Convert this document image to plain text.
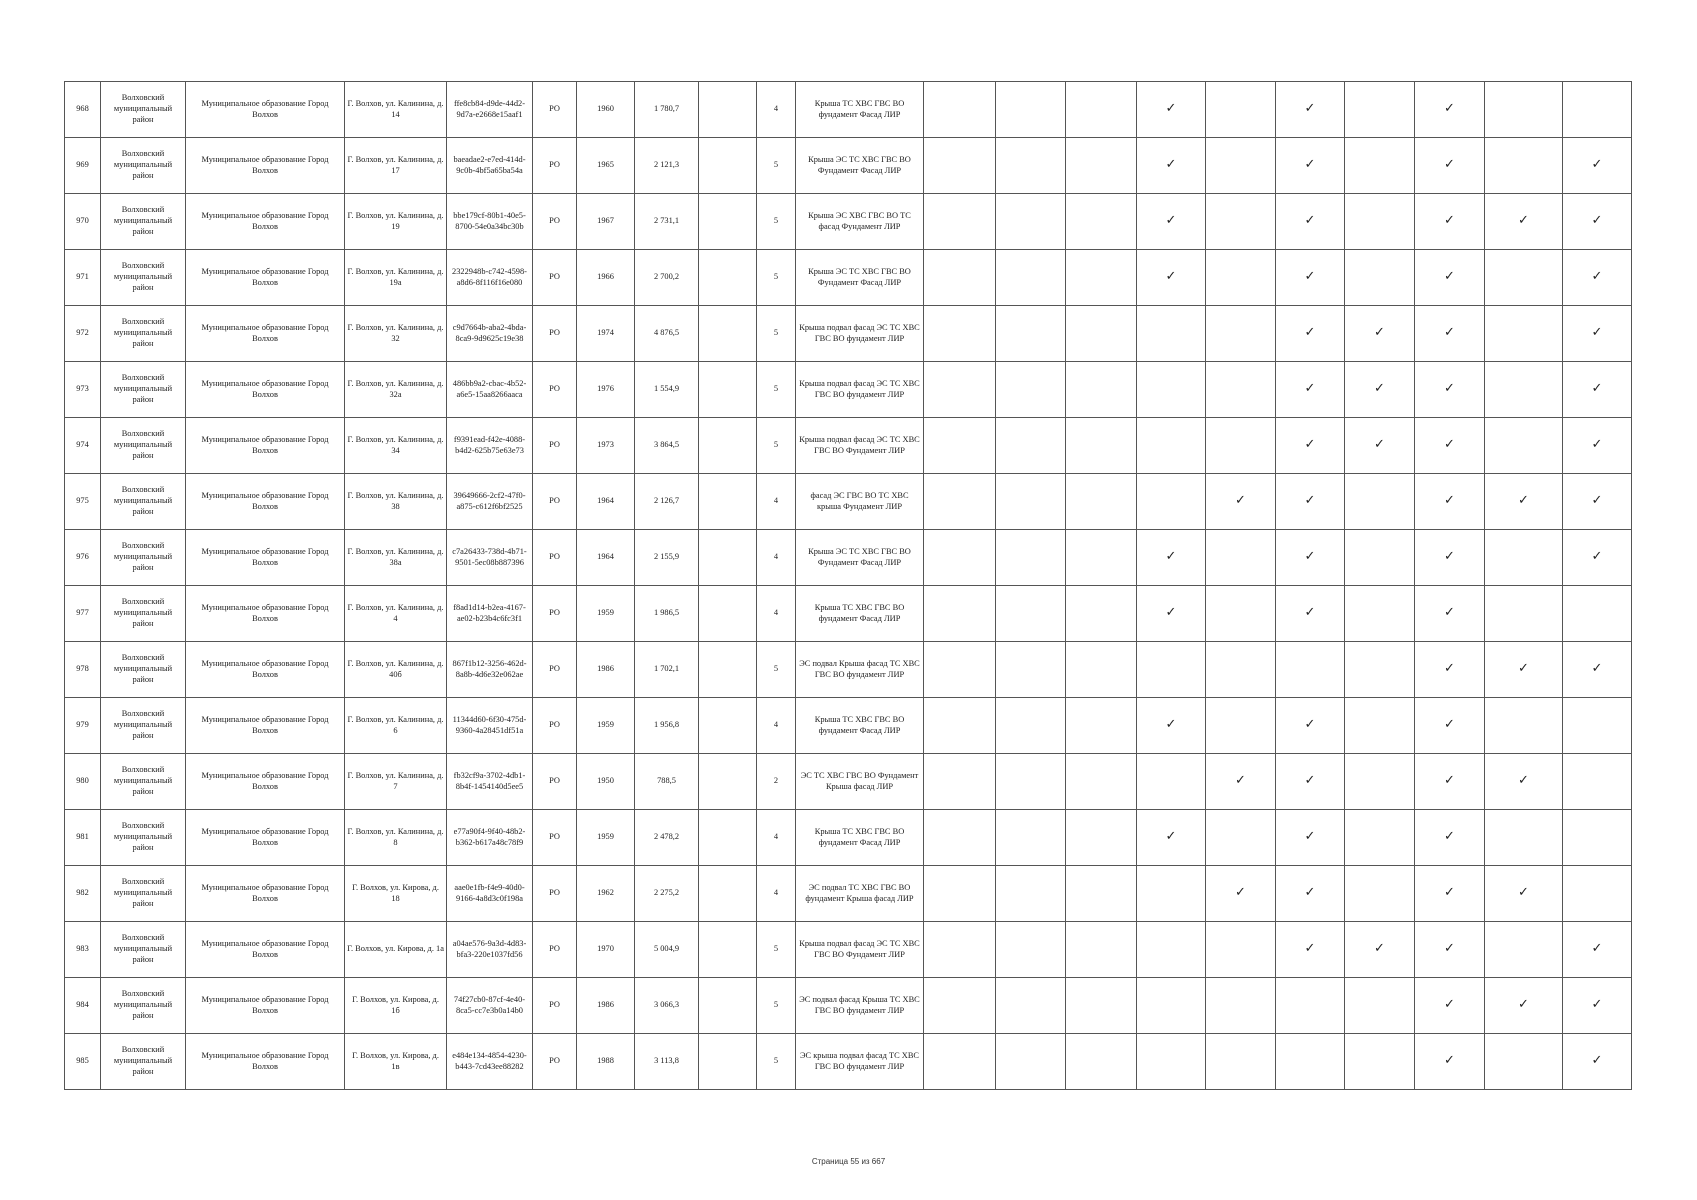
968	Волховский муниципальный район	Муниципальное образование Город Волхов	Г. Волхов, ул. Калинина, д. 14	ffe8cb84-d9de-44d2-9d7a-e2668e15aaf1	РО	1960	1 780,7		4	Крыша ТС ХВС ГВС ВО фундамент Фасад ЛИР				✓		✓		✓		
969	Волховский муниципальный район	Муниципальное образование Город Волхов	Г. Волхов, ул. Калинина, д. 17	baeadae2-e7ed-414d-9c0b-4bf5a65ba54a	РО	1965	2 121,3		5	Крыша ЭС ТС ХВС ГВС ВО Фундамент Фасад ЛИР				✓		✓		✓		✓
970	Волховский муниципальный район	Муниципальное образование Город Волхов	Г. Волхов, ул. Калинина, д. 19	bbe179cf-80b1-40e5-8700-54e0a34bc30b	РО	1967	2 731,1		5	Крыша ЭС ХВС ГВС ВО ТС фасад Фундамент ЛИР				✓		✓		✓	✓	✓
971	Волховский муниципальный район	Муниципальное образование Город Волхов	Г. Волхов, ул. Калинина, д. 19а	2322948b-c742-4598-a8d6-8f116f16e080	РО	1966	2 700,2		5	Крыша ЭС ТС ХВС ГВС ВО Фундамент Фасад ЛИР				✓		✓		✓		✓
972	Волховский муниципальный район	Муниципальное образование Город Волхов	Г. Волхов, ул. Калинина, д. 32	c9d7664b-aba2-4bda-8ca9-9d9625c19e38	РО	1974	4 876,5		5	Крыша подвал фасад ЭС ТС ХВС ГВС ВО фундамент ЛИР						✓	✓	✓		✓
973	Волховский муниципальный район	Муниципальное образование Город Волхов	Г. Волхов, ул. Калинина, д. 32а	486bb9a2-cbac-4b52-a6e5-15aa8266aaca	РО	1976	1 554,9		5	Крыша подвал фасад ЭС ТС ХВС ГВС ВО фундамент ЛИР						✓	✓	✓		✓
974	Волховский муниципальный район	Муниципальное образование Город Волхов	Г. Волхов, ул. Калинина, д. 34	f9391ead-f42e-4088-b4d2-625b75e63e73	РО	1973	3 864,5		5	Крыша подвал фасад ЭС ТС ХВС ГВС ВО Фундамент ЛИР						✓	✓	✓		✓
975	Волховский муниципальный район	Муниципальное образование Город Волхов	Г. Волхов, ул. Калинина, д. 38	39649666-2cf2-47f0-a875-c612f6bf2525	РО	1964	2 126,7		4	фасад ЭС ГВС ВО ТС ХВС крыша Фундамент ЛИР					✓	✓		✓	✓	✓
976	Волховский муниципальный район	Муниципальное образование Город Волхов	Г. Волхов, ул. Калинина, д. 38а	c7a26433-738d-4b71-9501-5ec08b887396	РО	1964	2 155,9		4	Крыша ЭС ТС ХВС ГВС ВО Фундамент Фасад ЛИР				✓		✓		✓		✓
977	Волховский муниципальный район	Муниципальное образование Город Волхов	Г. Волхов, ул. Калинина, д. 4	f8ad1d14-b2ea-4167-ae02-b23b4c6fc3f1	РО	1959	1 986,5		4	Крыша ТС ХВС ГВС ВО фундамент Фасад ЛИР				✓		✓		✓		
978	Волховский муниципальный район	Муниципальное образование Город Волхов	Г. Волхов, ул. Калинина, д. 40б	867f1b12-3256-462d-8a8b-4d6e32e062ae	РО	1986	1 702,1		5	ЭС подвал Крыша фасад ТС ХВС ГВС ВО фундамент ЛИР								✓	✓	✓
979	Волховский муниципальный район	Муниципальное образование Город Волхов	Г. Волхов, ул. Калинина, д. 6	11344d60-6f30-475d-9360-4a28451df51a	РО	1959	1 956,8		4	Крыша ТС ХВС ГВС ВО фундамент Фасад ЛИР				✓		✓		✓		
980	Волховский муниципальный район	Муниципальное образование Город Волхов	Г. Волхов, ул. Калинина, д. 7	fb32cf9a-3702-4db1-8b4f-1454140d5ee5	РО	1950	788,5		2	ЭС ТС ХВС ГВС ВО Фундамент Крыша фасад ЛИР					✓	✓		✓	✓	
981	Волховский муниципальный район	Муниципальное образование Город Волхов	Г. Волхов, ул. Калинина, д. 8	e77a90f4-9f40-48b2-b362-b617a48c78f9	РО	1959	2 478,2		4	Крыша ТС ХВС ГВС ВО фундамент Фасад ЛИР				✓		✓		✓		
982	Волховский муниципальный район	Муниципальное образование Город Волхов	Г. Волхов, ул. Кирова, д. 18	aae0e1fb-f4e9-40d0-9166-4a8d3c0f198a	РО	1962	2 275,2		4	ЭС подвал ТС ХВС ГВС ВО фундамент Крыша фасад ЛИР					✓	✓		✓	✓	
983	Волховский муниципальный район	Муниципальное образование Город Волхов	Г. Волхов, ул. Кирова, д. 1а	a04ae576-9a3d-4d83-bfa3-220e1037fd56	РО	1970	5 004,9		5	Крыша подвал фасад ЭС ТС ХВС ГВС ВО Фундамент ЛИР						✓	✓	✓		✓
984	Волховский муниципальный район	Муниципальное образование Город Волхов	Г. Волхов, ул. Кирова, д. 1б	74f27cb0-87cf-4e40-8ca5-cc7e3b0a14b0	РО	1986	3 066,3		5	ЭС подвал фасад Крыша ТС ХВС ГВС ВО фундамент ЛИР								✓	✓	✓
985	Волховский муниципальный район	Муниципальное образование Город Волхов	Г. Волхов, ул. Кирова, д. 1в	e484e134-4854-4230-b443-7cd43ee88282	РО	1988	3 113,8		5	ЭС крыша подвал фасад ТС ХВС ГВС ВО фундамент ЛИР								✓		✓
Страница 55 из 667
